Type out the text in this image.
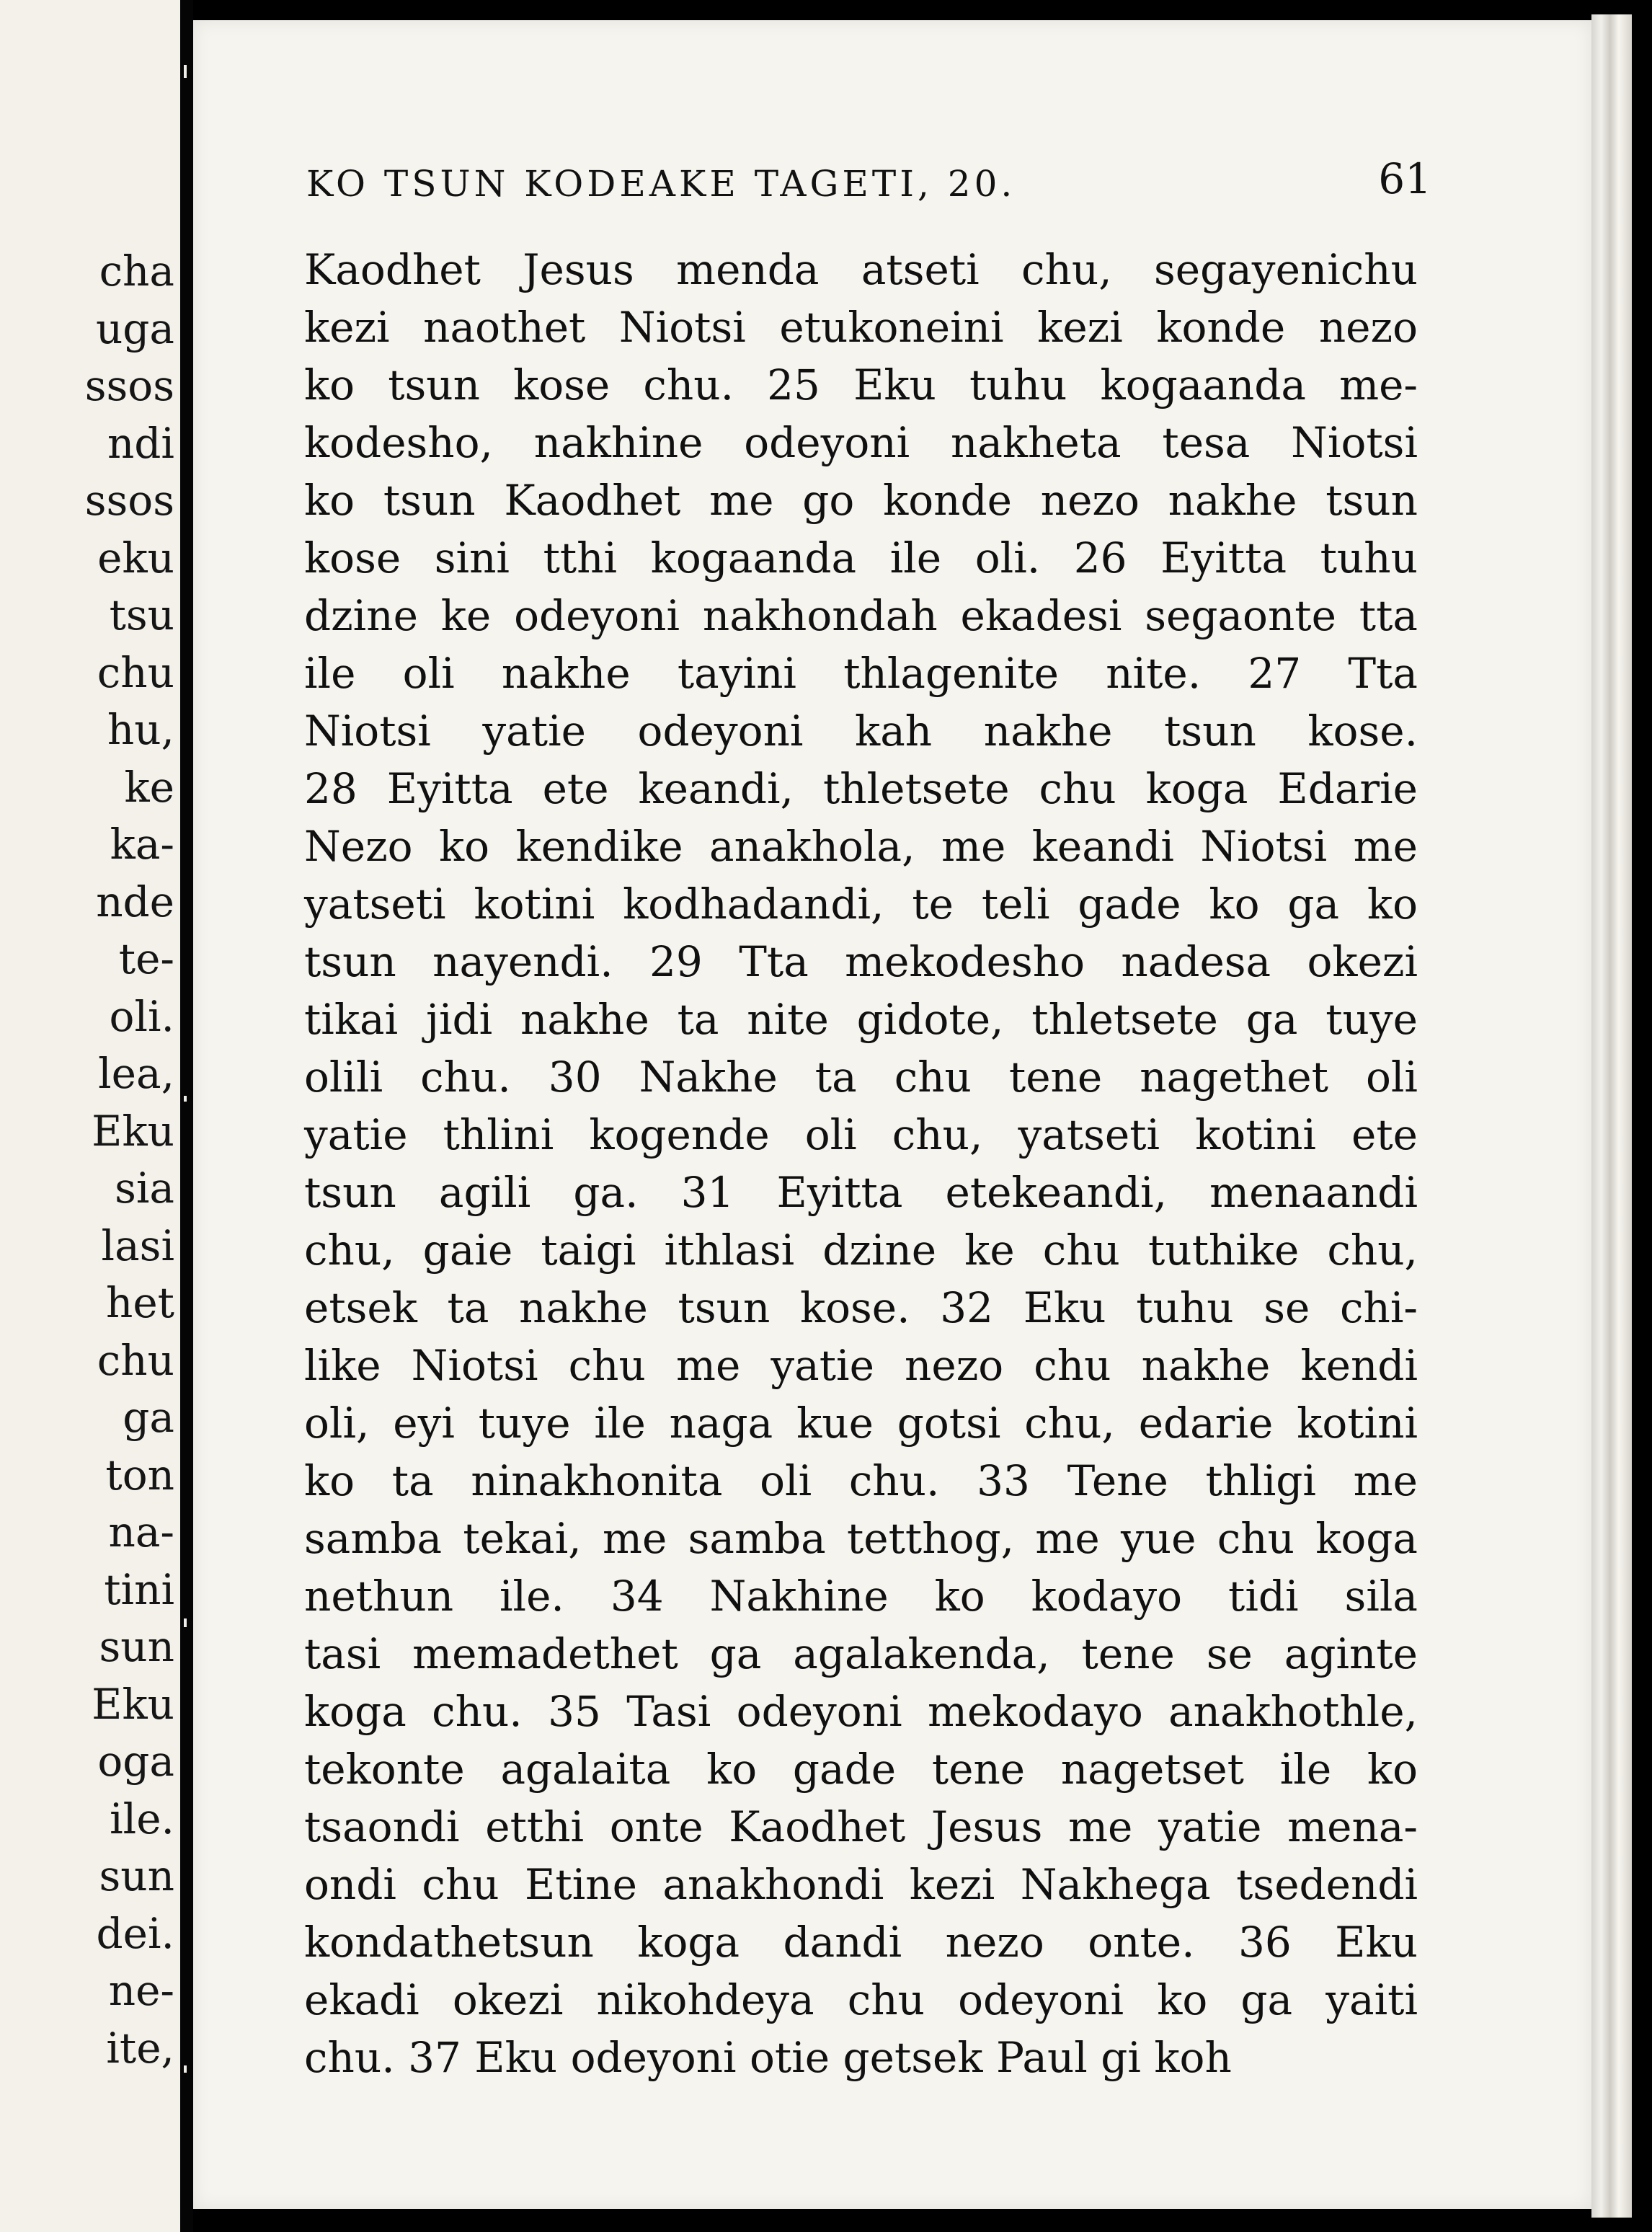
cha
uga
ssos
ndi
ssos
eku
tsu
chu
hu,
ke
ka-
nde
te-
oli.
lea,
Eku
sia
lasi
het
chu
ga
ton
na-
tini
sun
Eku
oga
ile.
sun
dei.
ne-
ite,
KO TSUN KODEAKE TAGETI, 20.	61
Kaodhet Jesus menda atseti chu, segayenichu
kezi naothet Niotsi etukoneini kezi konde nezo
ko tsun kose chu. 25 Eku tuhu kogaanda me-
kodesho, nakhine odeyoni nakheta tesa Niotsi
ko tsun Kaodhet me go konde nezo nakhe tsun
kose sini tthi kogaanda ile oli. 26 Eyitta tuhu
dzine ke odeyoni nakhondah ekadesi segaonte tta
ile oli nakhe tayini thlagenite nite. 27 Tta
Niotsi yatie odeyoni kah nakhe tsun kose.
28 Eyitta ete keandi, thletsete chu koga Edarie
Nezo ko kendike anakhola, me keandi Niotsi me
yatseti kotini kodhadandi, te teli gade ko ga ko
tsun nayendi. 29 Tta mekodesho nadesa okezi
tikai jidi nakhe ta nite gidote, thletsete ga tuye
olili chu. 30 Nakhe ta chu tene nagethet oli
yatie thlini kogende oli chu, yatseti kotini ete
tsun agili ga. 31 Eyitta etekeandi, menaandi
chu, gaie taigi ithlasi dzine ke chu tuthike chu,
etsek ta nakhe tsun kose. 32 Eku tuhu se chi-
like Niotsi chu me yatie nezo chu nakhe kendi
oli, eyi tuye ile naga kue gotsi chu, edarie kotini
ko ta ninakhonita oli chu. 33 Tene thligi me
samba tekai, me samba tetthog, me yue chu koga
nethun ile. 34 Nakhine ko kodayo tidi sila
tasi memadethet ga agalakenda, tene se aginte
koga chu. 35 Tasi odeyoni mekodayo anakhothle,
tekonte agalaita ko gade tene nagetset ile ko
tsaondi etthi onte Kaodhet Jesus me yatie mena-
ondi chu Etine anakhondi kezi Nakhega tsedendi
kondathetsun koga dandi nezo onte. 36 Eku
ekadi okezi nikohdeya chu odeyoni ko ga yaiti
chu. 37 Eku odeyoni otie getsek Paul gi koh
